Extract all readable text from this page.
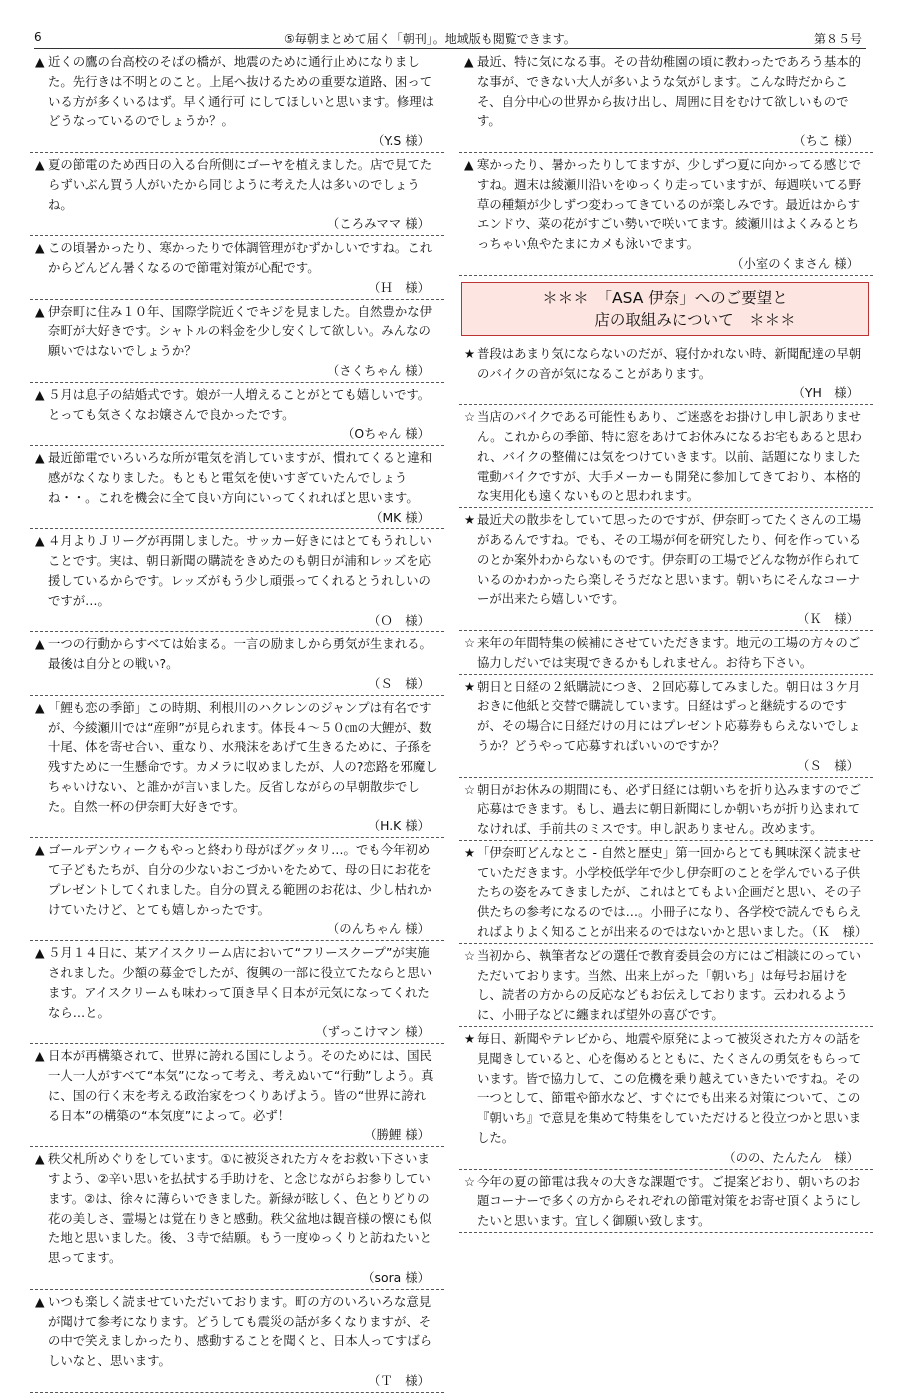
6	⑤毎朝まとめて届く「朝刊」。地域版も閲覧できます。	第８５号
▲ 近くの鷹の台高校のそばの橋が、地震のために通行止めになりました。先行きは不明とのこと。上尾へ抜けるための重要な道路、困っている方が多くいるはず。早く通行可 にしてほしいと思います。修理はどうなっているのでしょうか？。
（Y.S 様）
▲ 夏の節電のため西日の入る台所側にゴーヤを植えました。店で見てたらずいぶん買う人がいたから同じように考えた人は多いのでしょうね。
（ころみママ 様）
▲ この頃暑かったり、寒かったりで体調管理がむずかしいですね。これからどんどん暑くなるので節電対策が心配です。
（Ｈ　様）
▲ 伊奈町に住み１０年、国際学院近くでキジを見ました。自然豊かな伊奈町が大好きです。シャトルの料金を少し安くして欲しい。みんなの願いではないでしょうか？
（さくちゃん 様）
▲ ５月は息子の結婚式です。娘が一人増えることがとても嬉しいです。とっても気さくなお嬢さんで良かったです。
（Oちゃん 様）
▲ 最近節電でいろいろな所が電気を消していますが、慣れてくると違和感がなくなりました。もともと電気を使いすぎていたんでしょうね・・。これを機会に全て良い方向にいってくれればと思います。
（MK 様）
▲ ４月よりＪリーグが再開しました。サッカー好きにはとてもうれしいことです。実は、朝日新聞の購読をきめたのも朝日が浦和レッズを応援しているからです。レッズがもう少し頑張ってくれるとうれしいのですが…。
（Ｏ　様）
▲ 一つの行動からすべては始まる。一言の励ましから勇気が生まれる。最後は自分との戦い?。
（Ｓ　様）
▲ 「鯉も恋の季節」この時期、利根川のハクレンのジャンプは有名ですが、今綾瀬川では“産卵”が見られます。体長４～５０㎝の大鯉が、数十尾、体を寄せ合い、重なり、水飛沫をあげて生きるために、子孫を残すために一生懸命です。カメラに収めましたが、人の?恋路を邪魔しちゃいけない、と誰かが言いました。反省しながらの早朝散歩でした。自然一杯の伊奈町大好きです。
（H.K 様）
▲ ゴールデンウィークもやっと終わり母がばグッタリ…。でも今年初めて子どもたちが、自分の少ないおこづかいをためて、母の日にお花をプレゼントしてくれました。自分の買える範囲のお花は、少し枯れかけていたけど、とても嬉しかったです。
（のんちゃん 様）
▲ ５月１４日に、某アイスクリーム店において“フリースクープ”が実施されました。少額の募金でしたが、復興の一部に役立てたならと思います。アイスクリームも味わって頂き早く日本が元気になってくれたなら…と。
（ずっこけマン 様）
▲ 日本が再構築されて、世界に誇れる国にしよう。そのためには、国民一人一人がすべて“本気”になって考え、考えぬいて“行動”しよう。真に、国の行く末を考える政治家をつくりあげよう。皆の“世界に誇れる日本”の構築の“本気度”によって。必ず！
（勝鯉 様）
▲ 秩父札所めぐりをしています。①に被災された方々をお救い下さいますよう、②辛い思いを払拭する手助けを、と念じながらお参りしています。②は、徐々に薄らいできました。新緑が眩しく、色とりどりの花の美しさ、霊場とは覚在りきと感動。秩父盆地は観音様の懐にも似た地と思いました。後、３寺で結願。もう一度ゆっくりと訪ねたいと思ってます。
（sora 様）
▲ いつも楽しく読ませていただいております。町の方のいろいろな意見が聞けて参考になります。どうしても震災の話が多くなりますが、その中で笑えましかったり、感動することを聞くと、日本人ってすばらしいなと、思います。
（Ｔ　様）
▲ 最近、特に気になる事。その昔幼稚園の頃に教わったであろう基本的な事が、できない大人が多いような気がします。こんな時だからこそ、自分中心の世界から抜け出し、周囲に目をむけて欲しいものです。
（ちこ 様）
▲ 寒かったり、暑かったりしてますが、少しずつ夏に向かってる感じですね。週末は綾瀬川沿いをゆっくり走っていますが、毎週咲いてる野草の種類が少しずつ変わってきているのが楽しみです。最近はからすエンドウ、菜の花がすごい勢いで咲いてます。綾瀬川はよくみるとちっちゃい魚やたまにカメも泳いでます。
（小室のくまさん 様）
＊＊＊　「ASA 伊奈」へのご要望と
店の取組みについて　＊＊＊
★ 普段はあまり気にならないのだが、寝付かれない時、新聞配達の早朝のバイクの音が気になることがあります。
（YH　様）
☆ 当店のバイクである可能性もあり、ご迷惑をお掛けし申し訳ありません。これからの季節、特に窓をあけてお休みになるお宅もあると思われ、バイクの整備には気をつけていきます。以前、話題になりました電動バイクですが、大手メーカーも開発に参加してきており、本格的な実用化も遠くないものと思われます。
★ 最近犬の散歩をしていて思ったのですが、伊奈町ってたくさんの工場があるんですね。でも、その工場が何を研究したり、何を作っているのとか案外わからないものです。伊奈町の工場でどんな物が作られているのかわかったら楽しそうだなと思います。朝いちにそんなコーナーが出来たら嬉しいです。
（Ｋ　様）
☆ 来年の年間特集の候補にさせていただきます。地元の工場の方々のご協力しだいでは実現できるかもしれません。お待ち下さい。
★ 朝日と日経の２紙購読につき、２回応募してみました。朝日は３ケ月おきに他紙と交替で購読しています。日経はずっと継続するのですが、その場合に日経だけの月にはプレゼント応募券もらえないでしょうか？どうやって応募すればいいのですか？
（Ｓ　様）
☆ 朝日がお休みの期間にも、必ず日経には朝いちを折り込みますのでご応募はできます。もし、過去に朝日新聞にしか朝いちが折り込まれてなければ、手前共のミスです。申し訳ありません。改めます。
★ 「伊奈町どんなとこ - 自然と歴史」第一回からとても興味深く読ませていただきます。小学校低学年で少し伊奈町のことを学んでいる子供たちの姿をみてきましたが、これはとてもよい企画だと思い、その子供たちの参考になるのでは…。小冊子になり、各学校で読んでもらえればよりよく知ることが出来るのではないかと思いました。（Ｋ　様）
☆ 当初から、執筆者などの選任で教育委員会の方にはご相談にのっていただいております。当然、出来上がった「朝いち」は毎号お届けをし、読者の方からの反応などもお伝えしております。云われるように、小冊子などに纏まれば望外の喜びです。
★ 毎日、新聞やテレビから、地震や原発によって被災された方々の話を見聞きしていると、心を傷めるとともに、たくさんの勇気をもらっています。皆で協力して、この危機を乗り越えていきたいですね。その一つとして、節電や節水など、すぐにでも出来る対策について、この『朝いち』で意見を集めて特集をしていただけると役立つかと思いました。
（のの、たんたん　様）
☆ 今年の夏の節電は我々の大きな課題です。ご提案どおり、朝いちのお題コーナーで多くの方からそれぞれの節電対策をお寄せ頂くようにしたいと思います。宜しく御願い致します。
